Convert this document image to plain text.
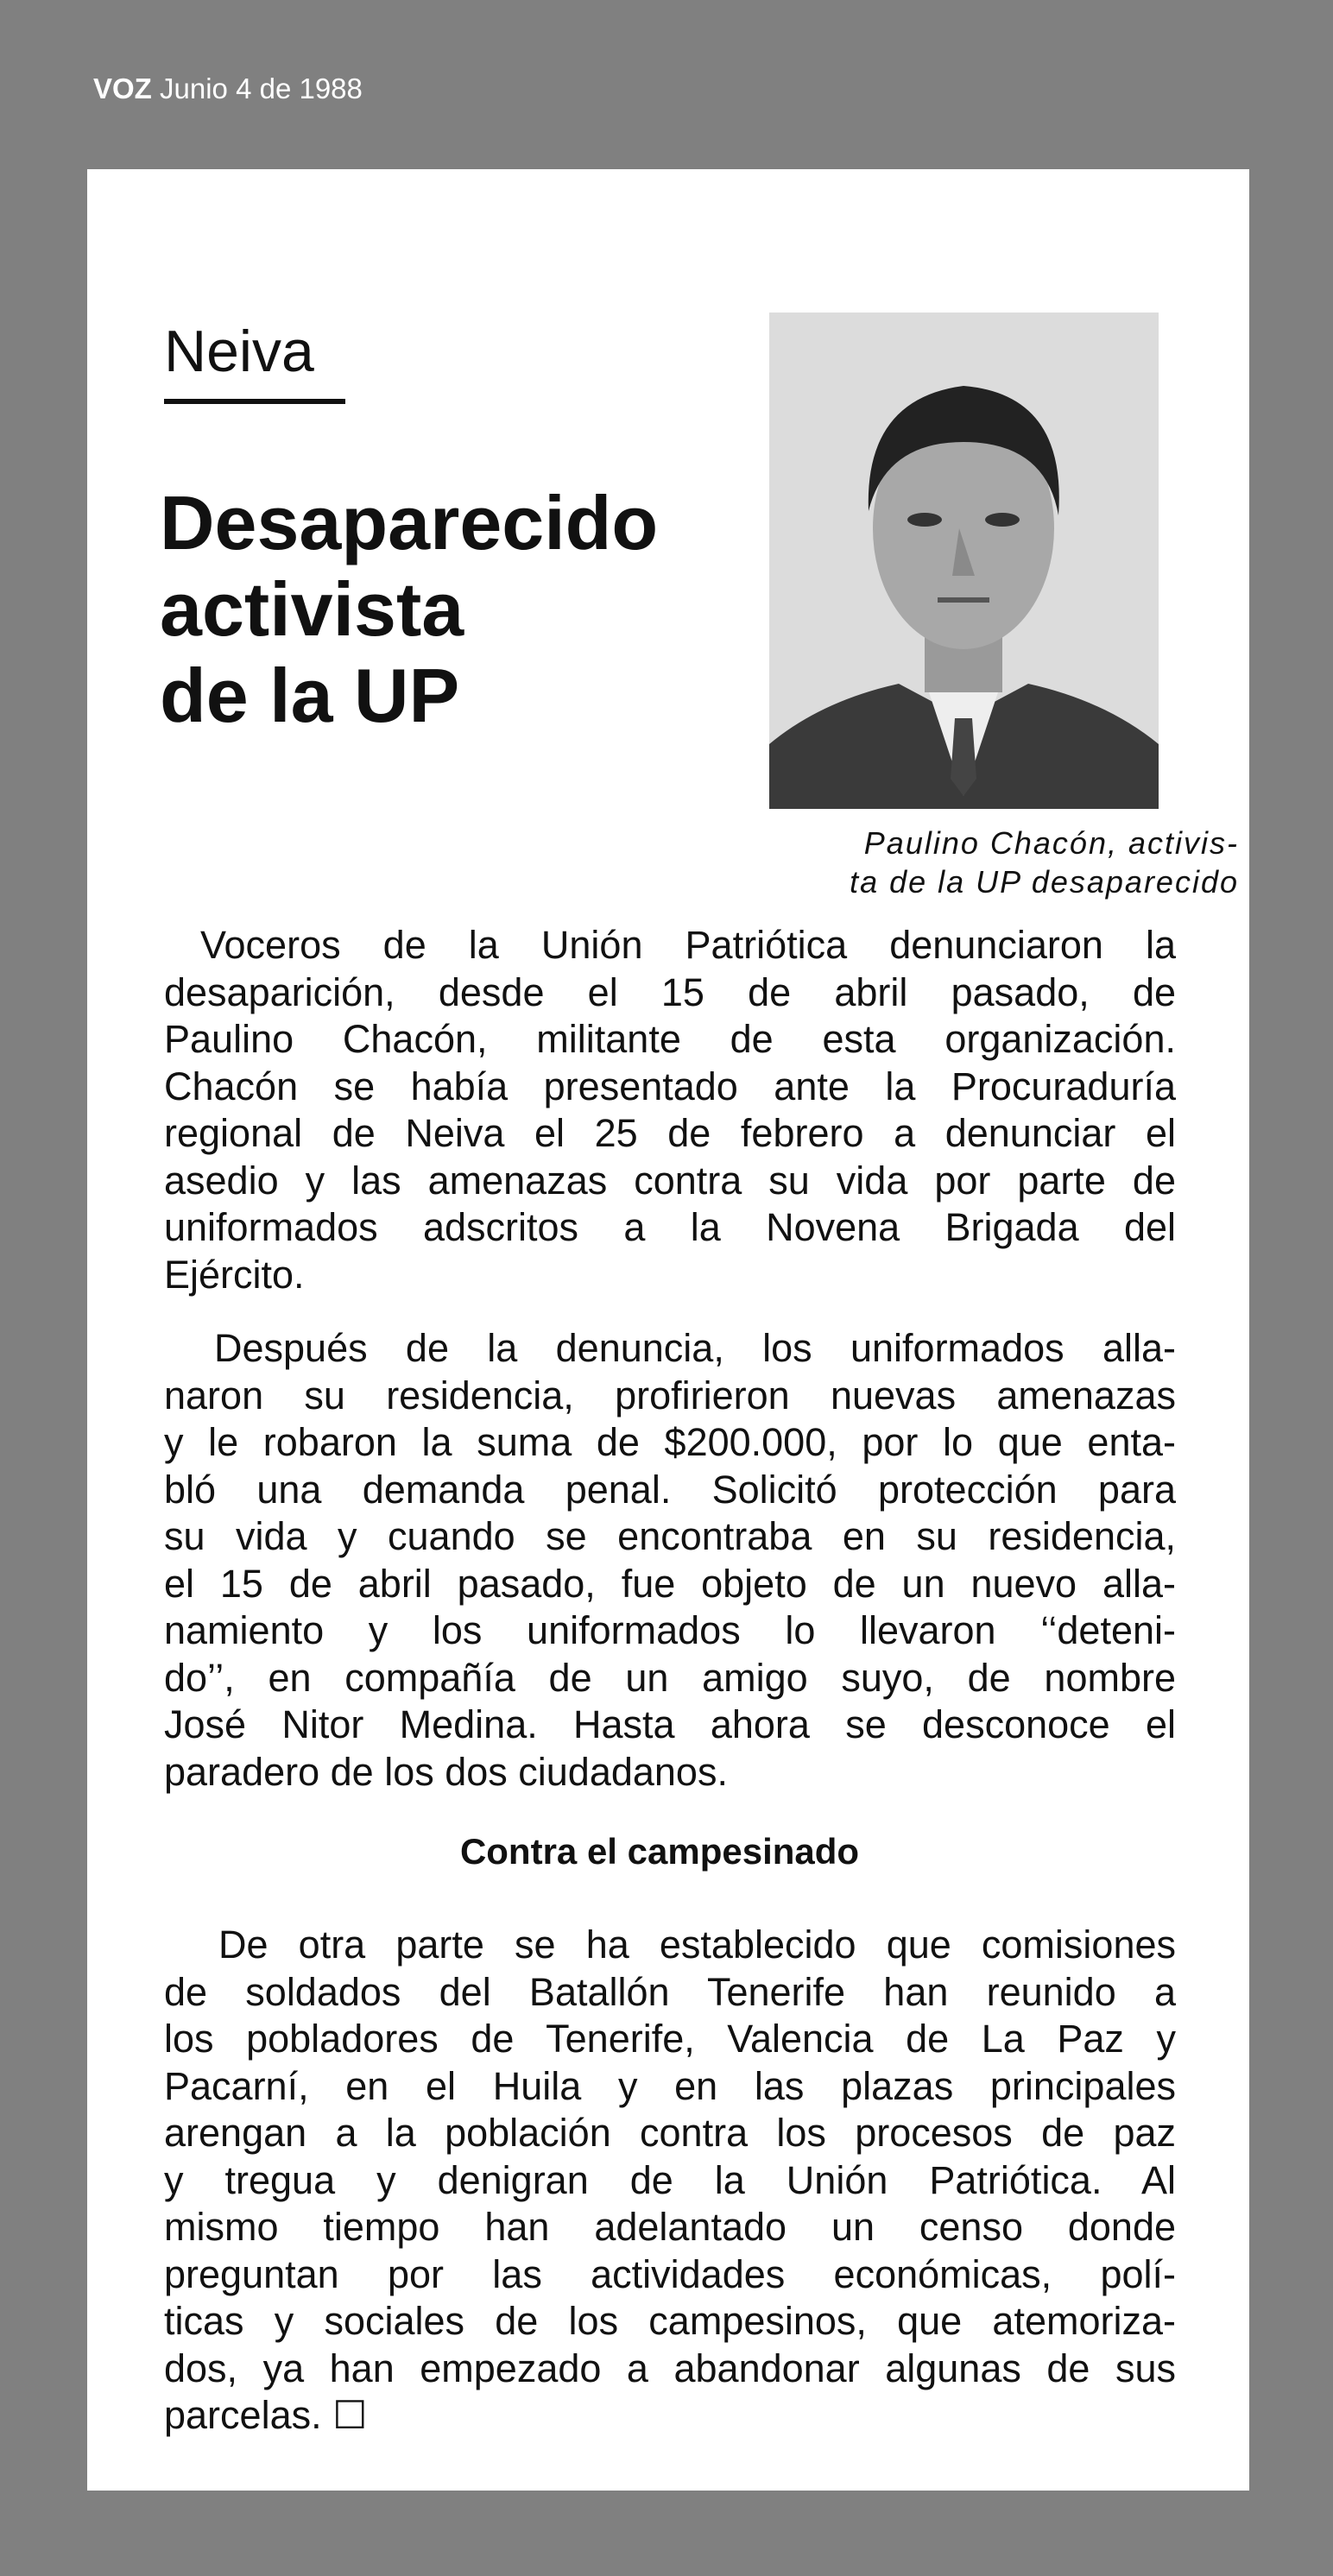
VOZ Junio 4 de 1988
Neiva
Desaparecido
activista
de la UP
Paulino Chacón, activis-
ta de la UP desaparecido
Voceros de la Unión Patriótica denunciaron la
desaparición, desde el 15 de abril pasado, de
Paulino Chacón, militante de esta organización.
Chacón se había presentado ante la Procuraduría
regional de Neiva el 25 de febrero a denunciar el
asedio y las amenazas contra su vida por parte de
uniformados adscritos a la Novena Brigada del
Ejército.
Después de la denuncia, los uniformados alla-
naron su residencia, profirieron nuevas amenazas
y le robaron la suma de $200.000, por lo que enta-
bló una demanda penal. Solicitó protección para
su vida y cuando se encontraba en su residencia,
el 15 de abril pasado, fue objeto de un nuevo alla-
namiento y los uniformados lo llevaron ‘‘deteni-
do’’, en compañía de un amigo suyo, de nombre
José Nitor Medina. Hasta ahora se desconoce el
paradero de los dos ciudadanos.
Contra el campesinado
De otra parte se ha establecido que comisiones
de soldados del Batallón Tenerife han reunido a
los pobladores de Tenerife, Valencia de La Paz y
Pacarní, en el Huila y en las plazas principales
arengan a la población contra los procesos de paz
y tregua y denigran de la Unión Patriótica. Al
mismo tiempo han adelantado un censo donde
preguntan por las actividades económicas, polí-
ticas y sociales de los campesinos, que atemoriza-
dos, ya han empezado a abandonar algunas de sus
parcelas. ☐
